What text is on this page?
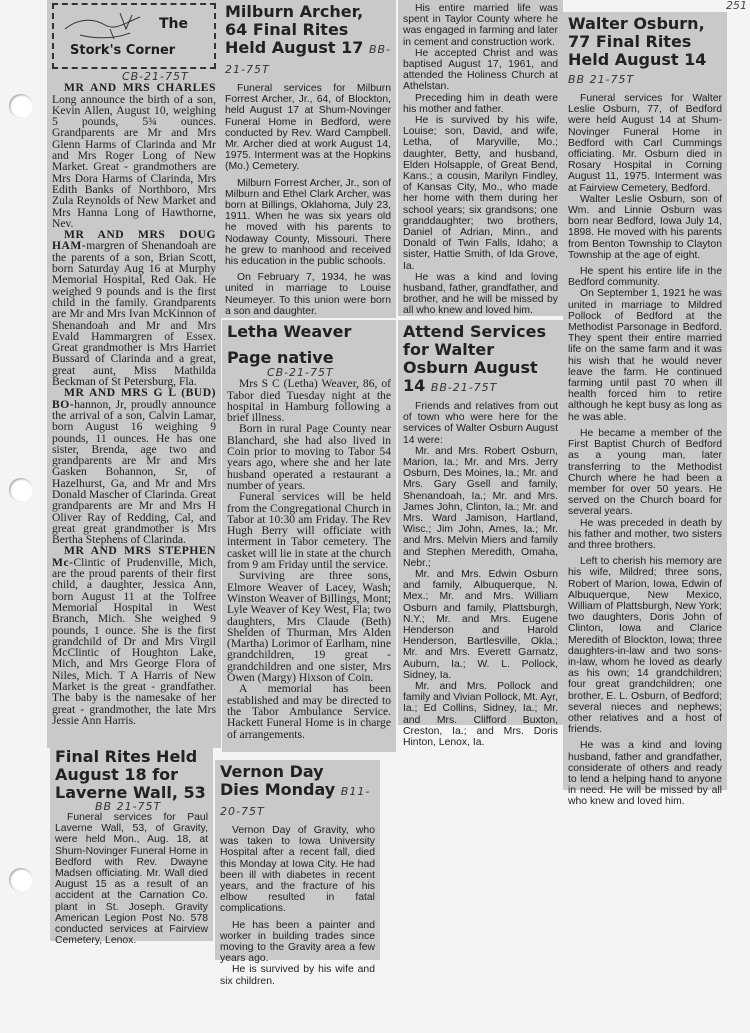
The
Stork's Corner
CB-21-75T

MR AND MRS CHARLES Long announce the birth of a son, Kevin Allen, August 10, weighing 5 pounds, 5¾ ounces. Grandparents are Mr and Mrs Glenn Harms of Clarinda and Mr and Mrs Roger Long of New Market. Great - grandmothers are Mrs Dora Harms of Clarinda, Mrs Edith Banks of Northboro, Mrs Zula Reynolds of New Market and Mrs Hanna Long of Hawthorne, Nev.

MR AND MRS DOUG HAM-margren of Shenandoah are the parents of a son, Brian Scott, born Saturday Aug 16 at Murphy Memorial Hospital, Red Oak. He weighed 9 pounds and is the first child in the family. Grandparents are Mr and Mrs Ivan McKinnon of Shenandoah and Mr and Mrs Evald Hammargren of Essex. Great grandmother is Mrs Harriet Bussard of Clarinda and a great, great aunt, Miss Mathilda Beckman of St Petersburg, Fla.

MR AND MRS G L (BUD) BO-hannon, Jr, proudly announce the arrival of a son, Calvin Lamar, born August 16 weighing 9 pounds, 11 ounces. He has one sister, Brenda, age two and grandparents are Mr and Mrs Gasken Bohannon, Sr, of Hazelhurst, Ga, and Mr and Mrs Donald Mascher of Clarinda. Great grandparents are Mr and Mrs H Oliver Ray of Redding, Cal, and great great grandmother is Mrs Bertha Stephens of Clarinda.

MR AND MRS STEPHEN Mc-Clintic of Prudenville, Mich, are the proud parents of their first child, a daughter, Jessica Ann, born August 11 at the Tolfree Memorial Hospital in West Branch, Mich. She weighed 9 pounds, 1 ounce. She is the first grandchild of Dr and Mrs Virgil McClintic of Houghton Lake, Mich, and Mrs George Flora of Niles, Mich. T A Harris of New Market is the great - grandfather. The baby is the namesake of her great - grandmother, the late Mrs Jessie Ann Harris.

Milburn Archer, 64 Final Rites Held August 17 BB-21-75T

Funeral services for Milburn Forrest Archer, Jr., 64, of Blockton, held August 17 at Shum-Novinger Funeral Home in Bedford, were conducted by Rev. Ward Campbell. Mr. Archer died at work August 14, 1975. Interment was at the Hopkins (Mo.) Cemetery.

Milburn Forrest Archer, Jr., son of Milburn and Ethel Clark Archer, was born at Billings, Oklahoma, July 23, 1911. When he was six years old he moved with his parents to Nodaway County, Missouri. There he grew to manhood and received his education in the public schools.

On February 7, 1934, he was united in marriage to Louise Neumeyer. To this union were born a son and daughter.

His entire married life was spent in Taylor County where he was engaged in farming and later in cement and construction work.

He accepted Christ and was baptised August 17, 1961, and attended the Holiness Church at Athelstan.

Preceding him in death were his mother and father.

He is survived by his wife, Louise; son, David, and wife, Letha, of Maryville, Mo.; daughter, Betty, and husband, Elden Holsapple, of Great Bend, Kans.; a cousin, Marilyn Findley, of Kansas City, Mo., who made her home with them during her school years; six grandsons; one granddaughter; two brothers, Daniel of Adrian, Minn., and Donald of Twin Falls, Idaho; a sister, Hattie Smith, of Ida Grove, Ia.

He was a kind and loving husband, father, grandfather, and brother, and he will be missed by all who knew and loved him.

Letha Weaver
Page native
CB-21-75T

Mrs S C (Letha) Weaver, 86, of Tabor died Tuesday night at the hospital in Hamburg following a brief illness.

Born in rural Page County near Blanchard, she had also lived in Coin prior to moving to Tabor 54 years ago, where she and her late husband operated a restaurant a number of years.

Funeral services will be held from the Congregational Church in Tabor at 10:30 am Friday. The Rev Hugh Berry will officiate with interment in Tabor cemetery. The casket will lie in state at the church from 9 am Friday until the service.

Surviving are three sons, Elmore Weaver of Lacey, Wash; Winston Weaver of Billings, Mont; Lyle Weaver of Key West, Fla; two daughters, Mrs Claude (Beth) Shelden of Thurman, Mrs Alden (Martha) Lorimor of Earlham, nine grandchildren, 19 great - grandchildren and one sister, Mrs Owen (Margy) Hixson of Coin.

A memorial has been established and may be directed to the Tabor Ambulance Service. Hackett Funeral Home is in charge of arrangements.

Attend Services for Walter Osburn August 14 BB-21-75T

Friends and relatives from out of town who were here for the services of Walter Osburn August 14 were:

Mr. and Mrs. Robert Osburn, Marion, Ia.; Mr. and Mrs. Jerry Osburn, Des Moines, Ia.; Mr. and Mrs. Gary Gsell and family, Shenandoah, Ia.; Mr. and Mrs. James John, Clinton, Ia.; Mr. and Mrs. Ward Jamison, Hartland, Wisc.; Jim John, Ames, Ia.; Mr. and Mrs. Melvin Miers and family and Stephen Meredith, Omaha, Nebr.;

Mr. and Mrs. Edwin Osburn and family, Albuquerque, N. Mex.; Mr. and Mrs. William Osburn and family, Plattsburgh, N.Y.; Mr. and Mrs. Eugene Henderson and Harold Henderson, Bartlesville, Okla.; Mr. and Mrs. Everett Garnatz, Auburn, Ia.; W. L. Pollock, Sidney, Ia.

Mr. and Mrs. Pollock and family and Vivian Pollock, Mt. Ayr, Ia.; Ed Collins, Sidney, Ia.; Mr. and Mrs. Clifford Buxton, Creston, Ia.; and Mrs. Doris Hinton, Lenox, Ia.

Walter Osburn, 77 Final Rites Held August 14 BB 21-75T

Funeral services for Walter Leslie Osburn, 77, of Bedford were held August 14 at Shum-Novinger Funeral Home in Bedford with Carl Cummings officiating. Mr. Osburn died in Rosary Hospital in Corning August 11, 1975. Interment was at Fairview Cemetery, Bedford.

Walter Leslie Osburn, son of Wm. and Linnie Osburn was born near Bedford, Iowa July 14, 1898. He moved with his parents from Benton Township to Clayton Township at the age of eight.

He spent his entire life in the Bedford community.

On September 1, 1921 he was united in marriage to Mildred Pollock of Bedford at the Methodist Parsonage in Bedford. They spent their entire married life on the same farm and it was his wish that he would never leave the farm. He continued farming until past 70 when ill health forced him to retire although he kept busy as long as he was able.

He became a member of the First Baptist Church of Bedford as a young man, later transferring to the Methodist Church where he had been a member for over 50 years. He served on the Church board for several years.

He was preceded in death by his father and mother, two sisters and three brothers.

Left to cherish his memory are his wife, Mildred; three sons, Robert of Marion, Iowa, Edwin of Albuquerque, New Mexico, William of Plattsburgh, New York; two daughters, Doris John of Clinton, Iowa and Clarice Meredith of Blockton, Iowa; three daughters-in-law and two sons-in-law, whom he loved as dearly as his own; 14 grandchildren; four great grandchildren; one brother, E. L. Osburn, of Bedford; several nieces and nephews; other relatives and a host of friends.

He was a kind and loving husband, father and grandfather, considerate of others and ready to lend a helping hand to anyone in need. He will be missed by all who knew and loved him.

Final Rites Held August 18 for Laverne Wall, 53
BB 21-75T

Funeral services for Paul Laverne Wall, 53, of Gravity, were held Mon., Aug. 18, at Shum-Novinger Funeral Home in Bedford with Rev. Dwayne Madsen officiating. Mr. Wall died August 15 as a result of an accident at the Carnation Co. plant in St. Joseph. Gravity American Legion Post No. 578 conducted services at Fairview Cemetery, Lenox.

Vernon Day
Dies Monday B11-20-75T

Vernon Day of Gravity, who was taken to Iowa University Hospital after a recent fall, died this Monday at Iowa City. He had been ill with diabetes in recent years, and the fracture of his elbow resulted in fatal complications.

He has been a painter and worker in building trades since moving to the Gravity area a few years ago.

He is survived by his wife and six children.

251
